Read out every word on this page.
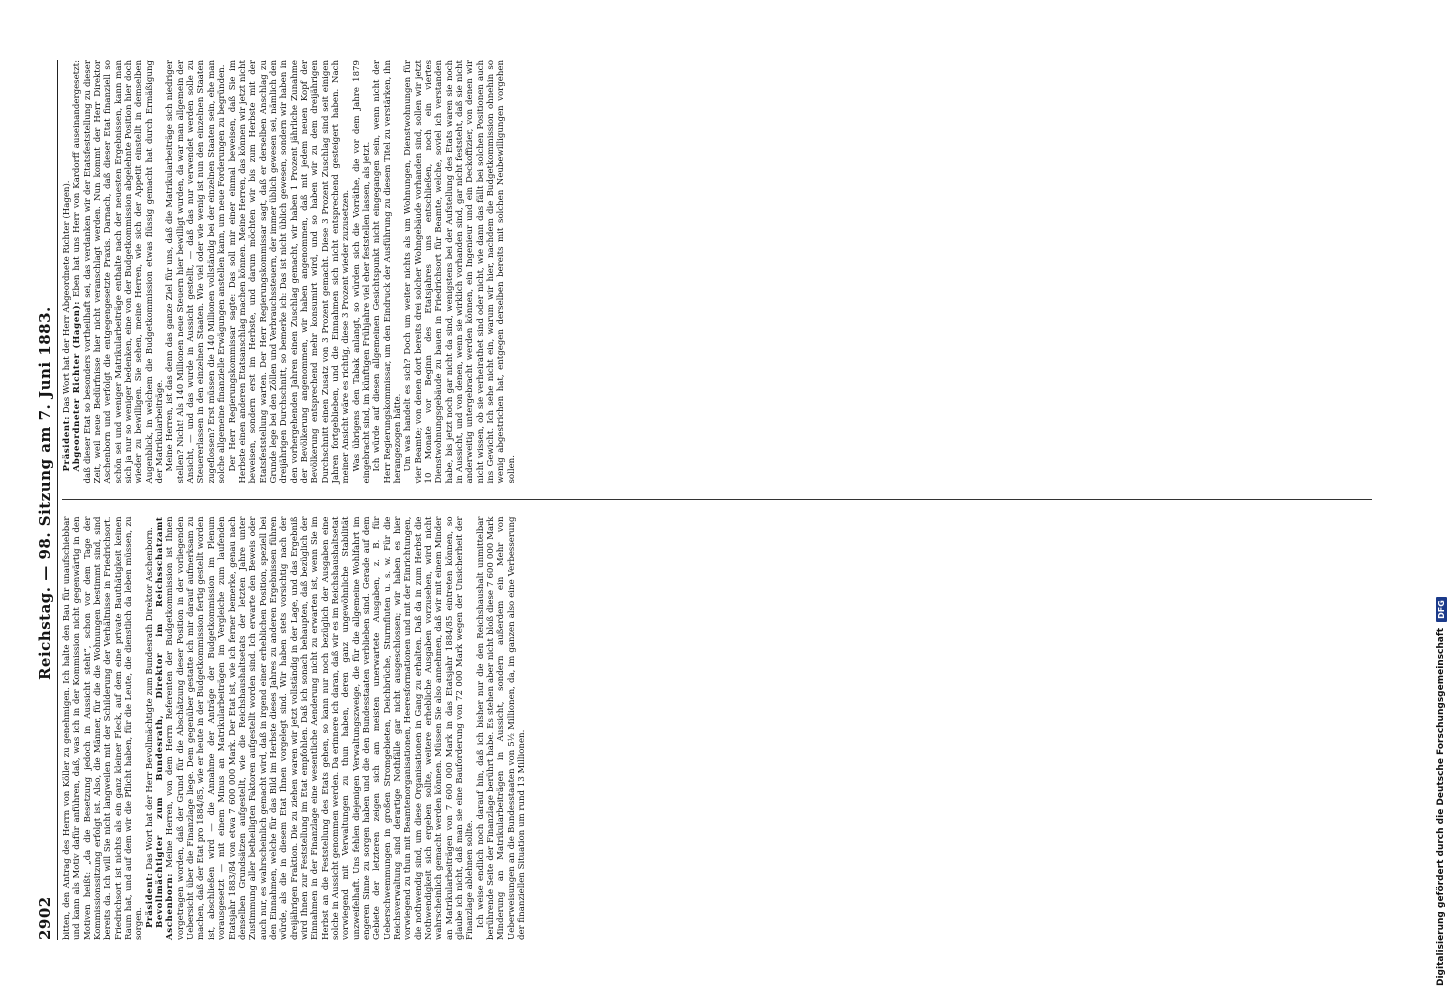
2902
Reichstag. — 98. Sitzung am 7. Juni 1883.

bitten, den Antrag des Herrn von Köller zu genehmigen. Ich halte den Bau für unaufschiebbar und kann als Motiv dafür anführen, daß, was ich in der Kommission nicht gegenwärtig in den Motiven heißt: „da die Besetzung jedoch in Aussicht steht“, schon vor dem Tage der Kommissionssitzung erfolgt ist. Also, die Männer, für die die Wohnungen bestimmt sind, sind bereits da. Ich will Sie nicht langweilen mit der Schilderung der Verhältnisse in Friedrichsort. Friedrichsort ist nichts als ein ganz kleiner Fleck, auf dem eine private Bauthätigkeit keinen Raum hat, und auf dem wir die Pflicht haben, für die Leute, die dienstlich da leben müssen, zu sorgen. Präsident: Das Wort hat der Herr Bevollmächtigte zum Bundesrath Direktor Aschenborn. Bevollmächtigter zum Bundesrath, Direktor im Reichsschatzamt Aschenborn: Meine Herren, von dem Herrn Referenten der Budgetkommission ist Ihnen vorgetragen worden, daß der Grund für die Abschätzung dieser Position in der vorliegenden Uebersicht über die Finanzlage liege. Dem gegenüber gestatte ich mir darauf aufmerksam zu machen, daß der Etat pro 1884/85, wie er heute in der Budgetkommission fertig gestellt worden ist, abschließen wird — die Annahme der Anträge der Budgetkommission im Plenum vorausgesetzt — mit einem Minus an Matrikularbeiträgen im Vergleiche zum laufenden Etatsjahr 1883/84 von etwa 7 600 000 Mark. Der Etat ist, wie ich ferner bemerke, genau nach denselben Grundsätzen aufgestellt, wie die Reichshaushaltsetats der letzten Jahre unter Zustimmung aller betheiligten Faktoren aufgestellt worden sind. Ich erwarte den Beweis oder auch nur, es wahrscheinlich gemacht wird, daß in irgend einer erheblichen Position, speziell bei den Einnahmen, welche für das Bild im Herbste dieses Jahres zu anderen Ergebnissen führen würde, als die in diesem Etat Ihnen vorgelegt sind. Wir haben stets vorsichtig nach der dreijährigen Fraktion. Die zu ziehen waren wir jetzt vollständig in der Lage, und das Ergebniß wird Ihnen zur Feststellung im Etat empfohlen. Daß ich sonach behaupten, daß bezüglich der Einnahmen in der Finanzlage eine wesentliche Aenderung nicht zu erwarten ist, wenn Sie im Herbst an die Feststellung des Etats gehen, so kann nur noch bezüglich der Ausgaben eine solche in Aussicht genommen werden. Da erinnere ich daran, daß wir es im Reichshaushaltsetat vorwiegend mit Verwaltungen zu thun haben, deren ganz ungewöhnliche Stabilität unzweifelhaft. Uns fehlen diejenigen Verwaltungszweige, die für die allgemeine Wohlfahrt im engeren Sinne zu sorgen haben und die den Bundesstaaten verblieben sind. Gerade auf dem Gebiete der letzteren zeigen sich am meisten unerwartete Ausgaben, z. B. für Ueberschwemmungen in großen Stromgebieten, Deichbrüche, Sturmfluten u. s. w. Für die Reichsverwaltung sind derartige Nothfälle gar nicht ausgeschlossen; wir haben es hier vorwiegend zu thun mit Beamtenorganisationen, Heeresformationen und mit der Einrichtungen, die nothwendig sind, um diese Organisationen in Gang zu erhalten. Daß da in zum Herbst die Nothwendigkeit sich ergeben sollte, weitere erhebliche Ausgaben vorzusehen, wird nicht wahrscheinlich gemacht werden können. Müssen Sie also annehmen, daß wir mit einem Minder an Matrikularbeiträgen von 7 600 000 Mark in das Etatsjahr 1884/85 eintreten können, so glaube ich nicht, daß man sie eine Bauforderung von 72 000 Mark wegen der Unsicherheit der Finanzlage ablehnen sollte. Ich weise endlich noch darauf hin, daß ich bisher nur die den Reichshaushalt unmittelbar berührende Seite der Finanzlage berührt habe. Es stehen aber nicht bloß diese 7 600 000 Mark Minderung an Matrikularbeiträgen in Aussicht, sondern außerdem ein Mehr von Ueberweisungen an die Bundesstaaten von 5½ Millionen, da, im ganzen also eine Verbesserung der finanziellen Situation um rund 13 Millionen.

Präsident: Das Wort hat der Herr Abgeordnete Richter (Hagen). Abgeordneter Richter (Hagen): Eben hat uns Herr von Kardorff auseinandergesetzt: daß dieser Etat so besonders vortheilhaft sei, das verdanken wir der Etatsfeststellung zu dieser Zeit, weil neue Bedürfnisse hier nicht veranschlagt werden. Nun kommt der Herr Direktor Aschenborn und verfolgt die entgegengesetzte Praxis. Darnach, daß dieser Etat finanziell so schön sei und weniger Matrikularbeiträge enthalte nach der neuesten Ergebnissen, kann man sich ja nur so weniger bedenken, eine von der Budgetkommission abgelehnte Position hier doch wieder zu bewilligen. Sie sehen, meine Herren, wie sich der Appetit einstellt in demselben Augenblick, in welchem die Budgetkommission etwas flüssig gemacht hat durch Ermäßigung der Matrikularbeiträge. Meine Herren, ist das denn das ganze Ziel für uns, daß die Matrikularbeiträge sich niedriger stellen? Nicht! Als 140 Millionen neue Steuern hier bewilligt wurden, da war man allgemein der Ansicht, — und das wurde in Aussicht gestellt, — daß das nur verwendet werden solle zu Steuererlassen in den einzelnen Staaten. Wie viel oder wie wenig ist nun den einzelnen Staaten zugeflossen? Erst müssen die 140 Millionen vollständig bei der einzelnen Staaten sein, ehe man solche allgemeine finanzielle Erwägungen anstellen kann, um neue Forderungen zu begründen. Der Herr Regierungskommissar sagte: Das soll mir einer einmal beweisen, daß Sie im Herbste einen anderen Etatsanschlag machen können. Meine Herren, das können wir jetzt nicht beweisen, sondern erst im Herbste, und darum möchten wir bis zum Herbste mit der Etatsfeststellung warten. Der Herr Regierungskommissar sagt, daß er derselben Anschlag zu Grunde lege bei den Zöllen und Verbrauchssteuern, der immer üblich gewesen sei, nämlich den dreijährigen Durchschnitt, so bemerke ich: Das ist nicht üblich gewesen, sondern wir haben in den vorhergehenden Jahren einen Zuschlag gemacht, wir haben 1 Prozent jährliche Zunahme der Bevölkerung angenommen, wir haben angenommen, daß mit jedem neuen Kopf der Bevölkerung entsprechend mehr konsumirt wird, und so haben wir zu dem dreijährigen Durchschnitt einen Zusatz von 3 Prozent gemacht. Diese 3 Prozent Zuschlag sind seit einigen Jahren fortgeblieben, und die Einnahmen sich nicht entsprechend gesteigert haben. Nach meiner Ansicht wäre es richtig, diese 3 Prozent wieder zuzusetzen. Was übrigens den Tabak anlangt, so würden sich die Vorräthe, die vor dem Jahre 1879 eingebracht sind, im künftigen Frühjahre viel eher feststellen lassen, als jetzt. Ich würde auf diesen allgemeinen Gesichtspunkt nicht eingegangen sein, wenn nicht der Herr Regierungskommissar, um den Eindruck der Ausführung zu diesem Titel zu verstärken, ihn herangezogen hätte. Um was handelt es sich? Doch um weiter nichts als um Wohnungen, Dienstwohnungen für vier Beamte; von denen dort bereits drei solcher Wohngebäude vorhanden sind, sollen wir jetzt 10 Monate vor Beginn des Etatsjahres uns entschließen, noch ein viertes Dienstwohnungsgebäude zu bauen in Friedrichsort für Beamte, welche, soviel ich verstanden habe, bis jetzt noch gar nicht da sind, wenigstens bei der Aufstellung des Etats waren sie noch in Aussicht, und von denen, wenn sie wirklich vorhanden sind, gar nicht feststeht, daß sie nicht anderweitig untergebracht werden können, ein Ingenieur und ein Deckoffizier, von denen wir nicht wissen, ob sie verheirathet sind oder nicht, wie dann das fällt bei solchen Positionen auch ins Gewicht. Ich sehe nicht ein, warum wir hier, nachdem die Budgetkommission ohnehin so wenig abgestrichen hat, entgegen derselben bereits mit solchen Neubewilligungen vorgehen sollen.

Digitalisierung gefördert durch die Deutsche Forschungsgemeinschaft
DFG
